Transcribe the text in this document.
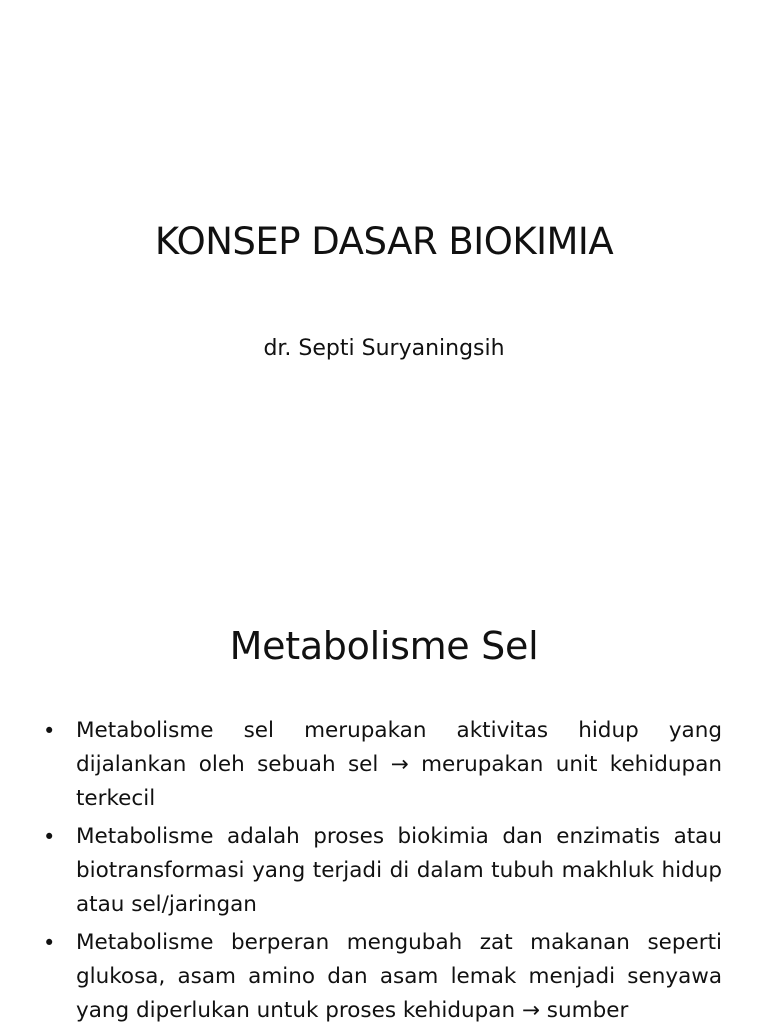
KONSEP DASAR BIOKIMIA

dr. Septi Suryaningsih

Metabolisme Sel
• Metabolisme sel merupakan aktivitas hidup yang dijalankan oleh sebuah sel → merupakan unit kehidupan terkecil
• Metabolisme adalah proses biokimia dan enzimatis atau biotransformasi yang terjadi di dalam tubuh makhluk hidup atau sel/jaringan
• Metabolisme berperan mengubah zat makanan seperti glukosa, asam amino dan asam lemak menjadi senyawa yang diperlukan untuk proses kehidupan → sumber
